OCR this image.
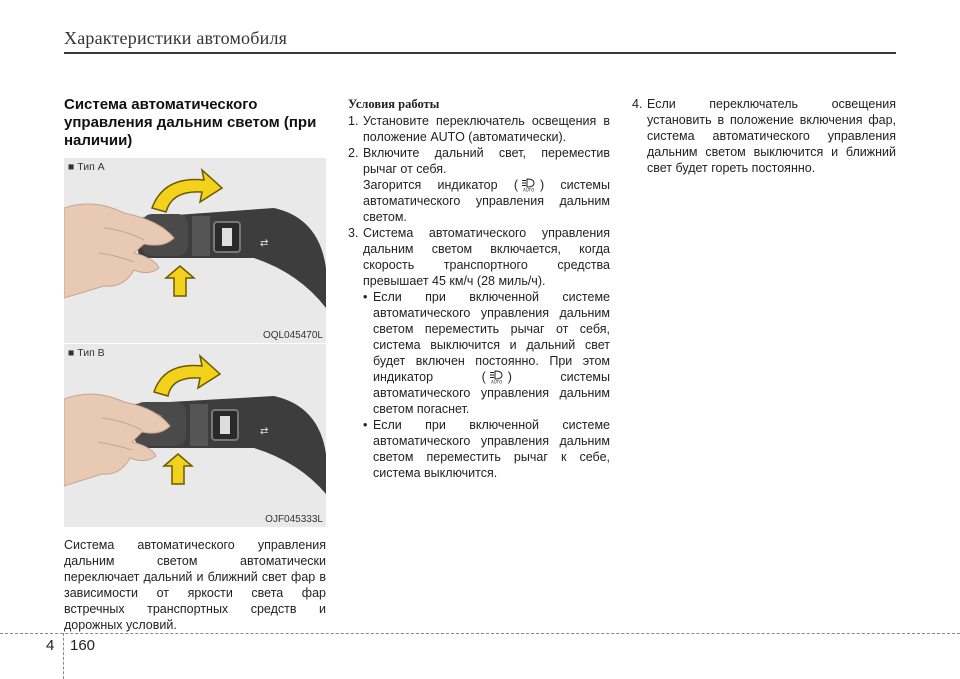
Характеристики автомобиля
Система автоматического управления дальним светом (при наличии)
⇄
■ Тип A
OQL045470L
⇄
■ Тип B
OJF045333L
Система автоматического управления дальним светом автоматически переключает дальний и ближний свет фар в зависимости от яркости света фар встречных транспортных средств и дорожных условий.
Условия работы
1. Установите переключатель освещения в положение AUTO (автоматически).
2. Включите дальний свет, переместив рычаг от себя.
Загорится индикатор ( AUTO ) системы автоматического управления дальним светом.
3. Система автоматического управления дальним светом включается, когда скорость транспортного средства превышает 45 км/ч (28 миль/ч).
• Если при включенной системе автоматического управления дальним светом переместить рычаг от себя, система выключится и дальний свет будет включен постоянно. При этом индикатор ( AUTO ) системы автоматического управления дальним светом погаснет.
• Если при включенной системе автоматического управления дальним светом переместить рычаг к себе, система выключится.
4. Если переключатель освещения установить в положение включения фар, система автоматического управления дальним светом выключится и ближний свет будет гореть постоянно.
4 160
